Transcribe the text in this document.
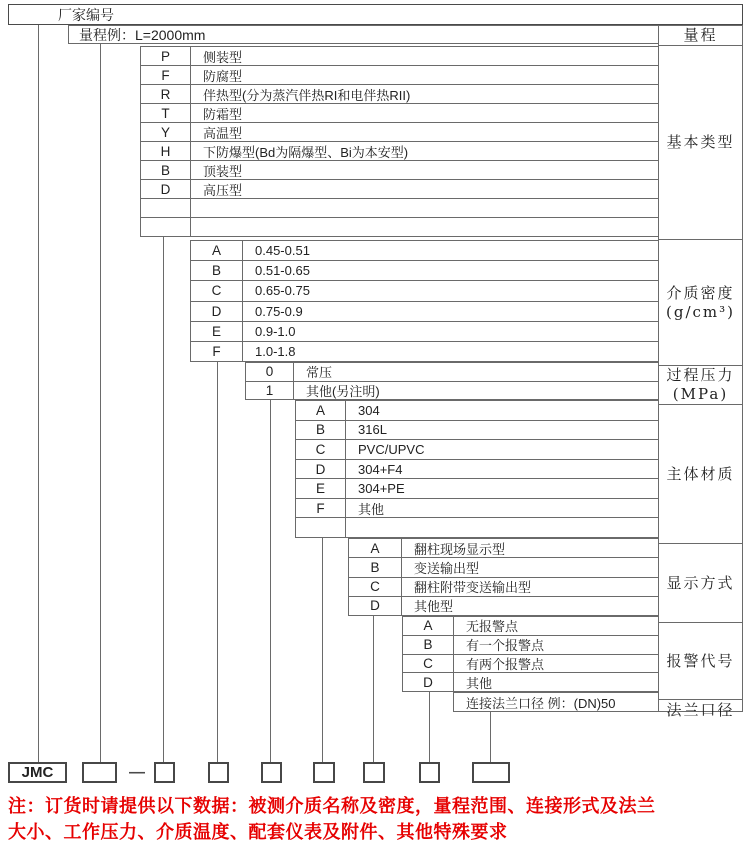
厂家编号
量程例：L=2000mm	量程
基本类型
介质密度
(g/cm³)
过程压力
(MPa)
主体材质
显示方式
报警代号
法兰口径
P	侧装型
F	防腐型
R	伴热型(分为蒸汽伴热RI和电伴热RII)
T	防霜型
Y	高温型
H	下防爆型(Bd为隔爆型、Bi为本安型)
B	顶装型
D	高压型
A	0.45-0.51
B	0.51-0.65
C	0.65-0.75
D	0.75-0.9
E	0.9-1.0
F	1.0-1.8
0	常压
1	其他(另注明)
A	304
B	316L
C	PVC/UPVC
D	304+F4
E	304+PE
F	其他
A	翻柱现场显示型
B	变送输出型
C	翻柱附带变送输出型
D	其他型
A	无报警点
B	有一个报警点
C	有两个报警点
D	其他
连接法兰口径 例：(DN)50
JMC	—
注：订货时请提供以下数据：被测介质名称及密度，量程范围、连接形式及法兰
大小、工作压力、介质温度、配套仪表及附件、其他特殊要求
